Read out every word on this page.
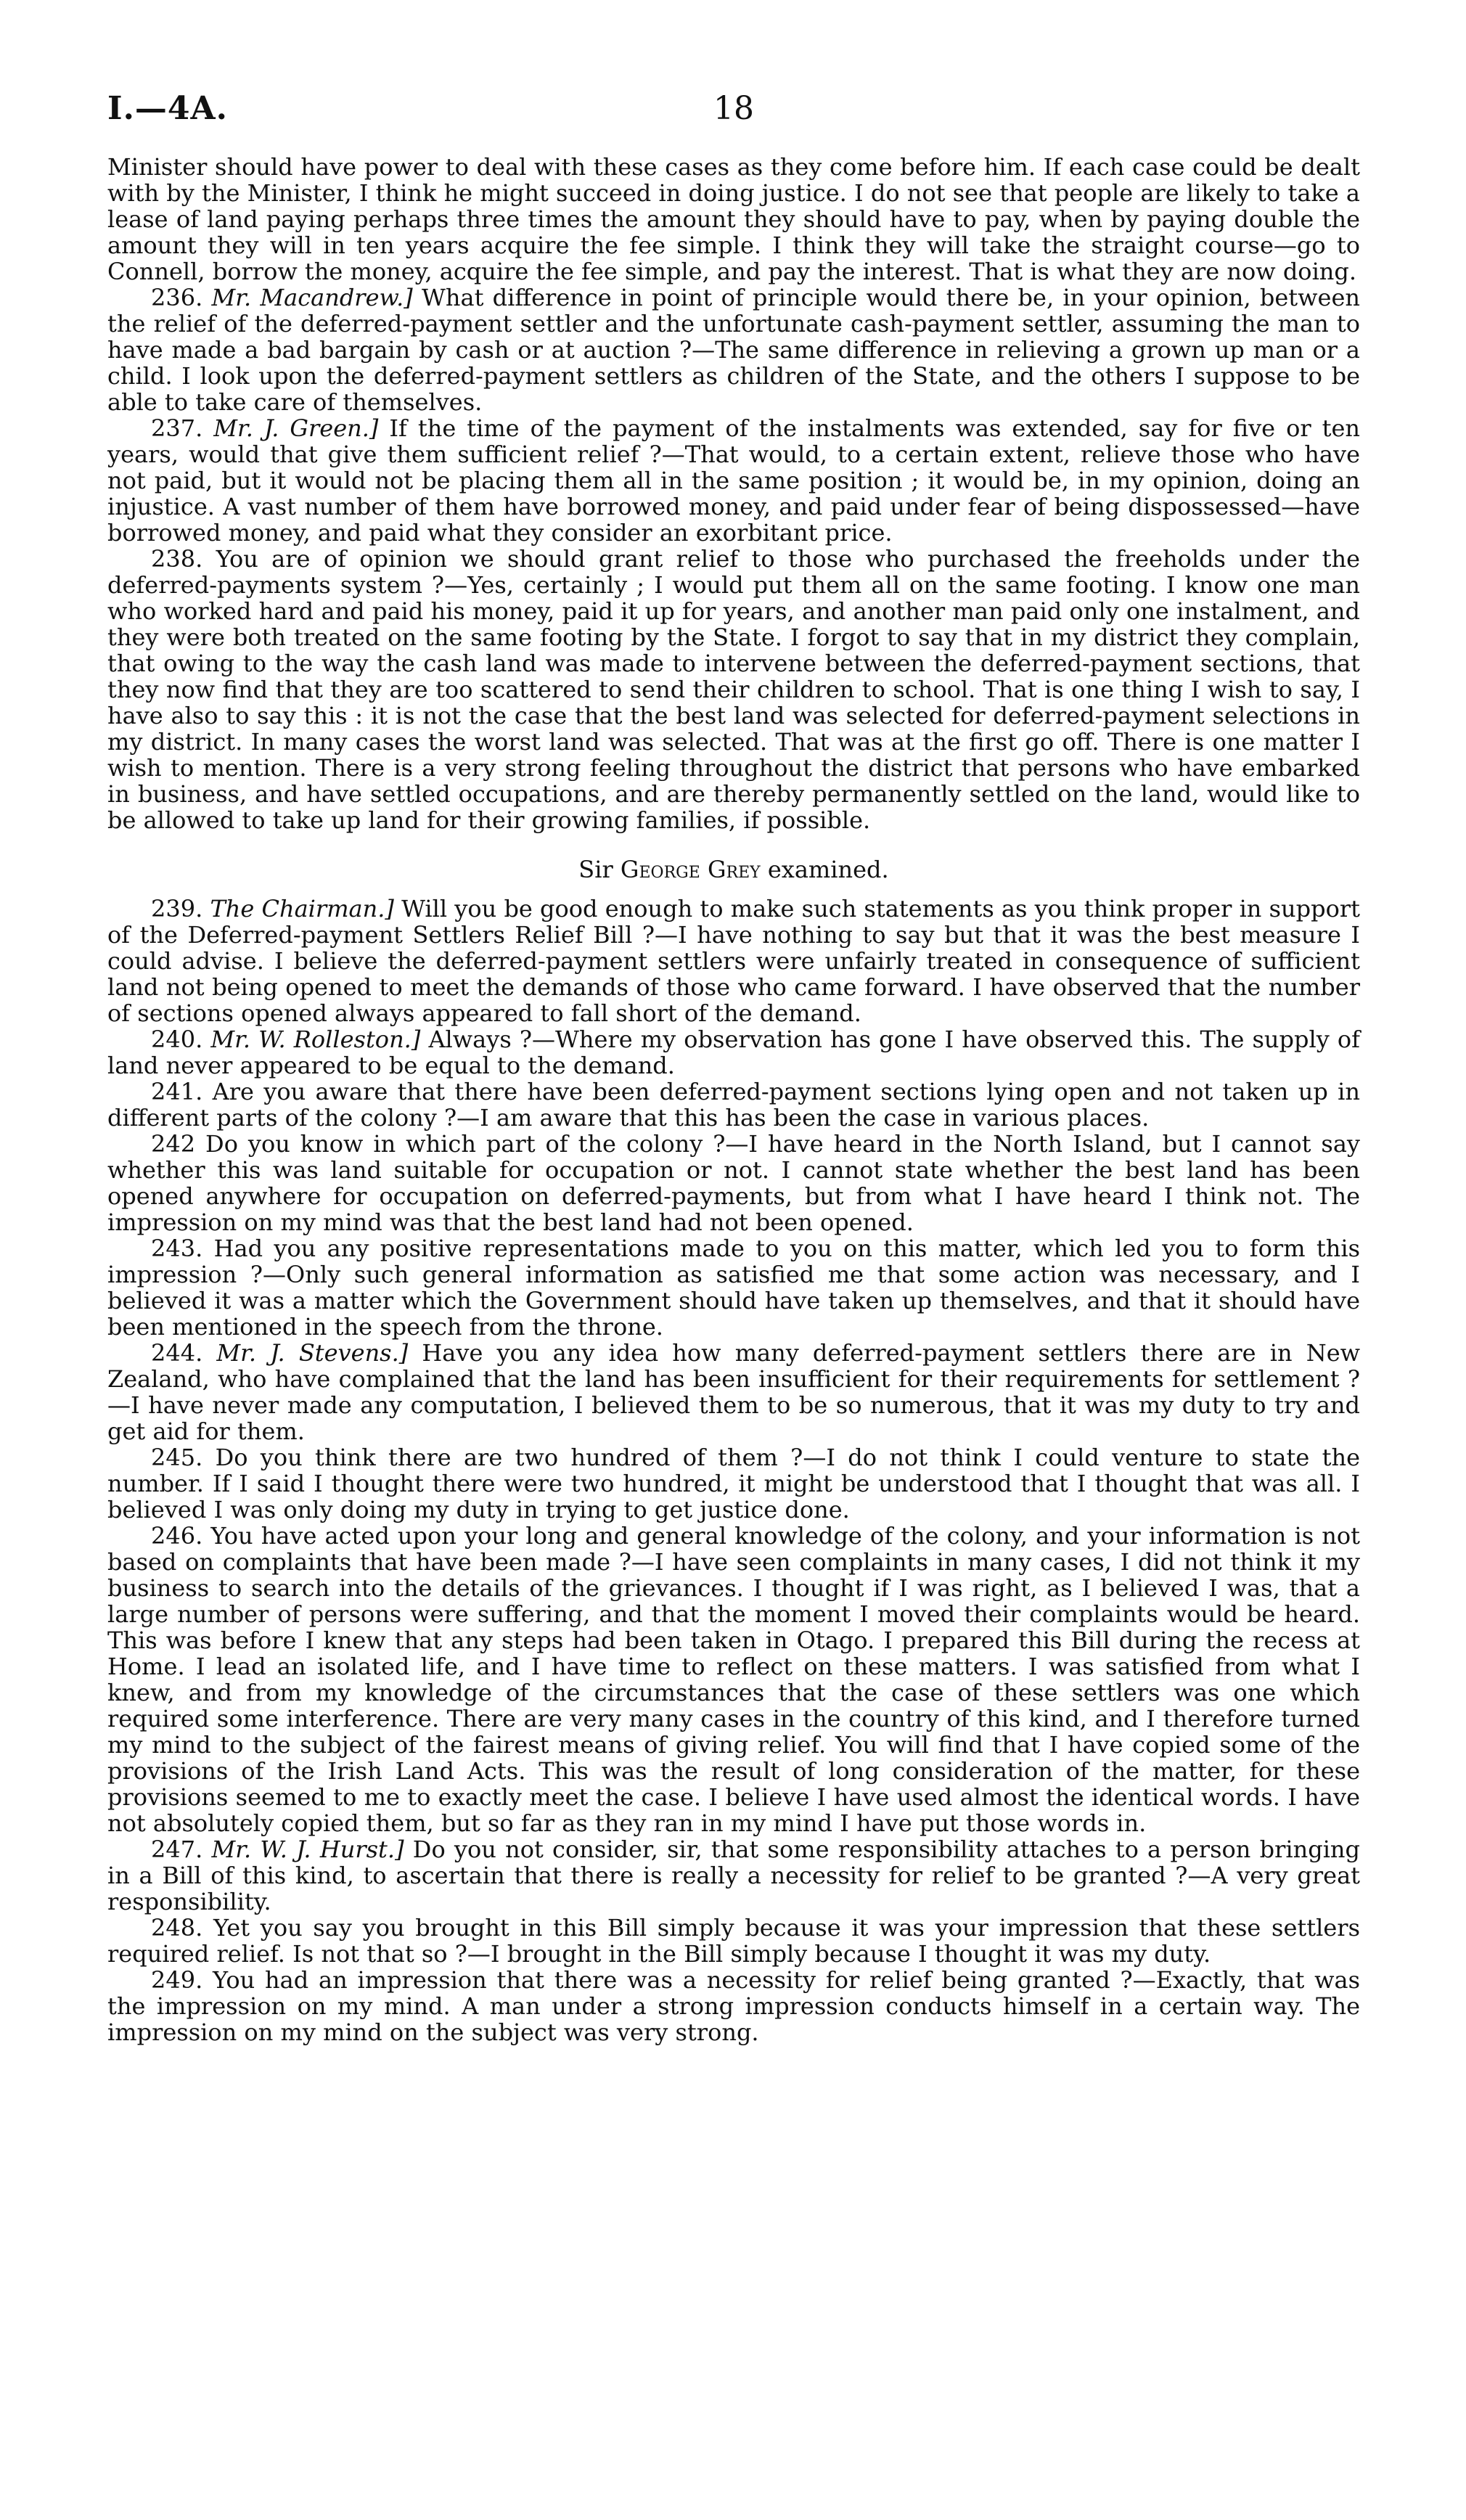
I.—4A.	18

Minister should have power to deal with these cases as they come before him. If each case could be dealt with by the Minister, I think he might succeed in doing justice. I do not see that people are likely to take a lease of land paying perhaps three times the amount they should have to pay, when by paying double the amount they will in ten years acquire the fee simple. I think they will take the straight course—go to Connell, borrow the money, acquire the fee simple, and pay the interest. That is what they are now doing.

236. Mr. Macandrew.] What difference in point of principle would there be, in your opinion, between the relief of the deferred-payment settler and the unfortunate cash-payment settler, assuming the man to have made a bad bargain by cash or at auction ?—The same difference in relieving a grown up man or a child. I look upon the deferred-payment settlers as children of the State, and the others I suppose to be able to take care of themselves.

237. Mr. J. Green.] If the time of the payment of the instalments was extended, say for five or ten years, would that give them sufficient relief ?—That would, to a certain extent, relieve those who have not paid, but it would not be placing them all in the same position ; it would be, in my opinion, doing an injustice. A vast number of them have borrowed money, and paid under fear of being dispossessed—have borrowed money, and paid what they consider an exorbitant price.

238. You are of opinion we should grant relief to those who purchased the freeholds under the deferred-payments system ?—Yes, certainly ; I would put them all on the same footing. I know one man who worked hard and paid his money, paid it up for years, and another man paid only one instalment, and they were both treated on the same footing by the State. I forgot to say that in my district they complain, that owing to the way the cash land was made to intervene between the deferred-payment sections, that they now find that they are too scattered to send their children to school. That is one thing I wish to say, I have also to say this : it is not the case that the best land was selected for deferred-payment selections in my district. In many cases the worst land was selected. That was at the first go off. There is one matter I wish to mention. There is a very strong feeling throughout the district that persons who have embarked in business, and have settled occupations, and are thereby permanently settled on the land, would like to be allowed to take up land for their growing families, if possible.

Sir George Grey examined.

239. The Chairman.] Will you be good enough to make such statements as you think proper in support of the Deferred-payment Settlers Relief Bill ?—I have nothing to say but that it was the best measure I could advise. I believe the deferred-payment settlers were unfairly treated in consequence of sufficient land not being opened to meet the demands of those who came forward. I have observed that the number of sections opened always appeared to fall short of the demand.

240. Mr. W. Rolleston.] Always ?—Where my observation has gone I have observed this. The supply of land never appeared to be equal to the demand.

241. Are you aware that there have been deferred-payment sections lying open and not taken up in different parts of the colony ?—I am aware that this has been the case in various places.

242 Do you know in which part of the colony ?—I have heard in the North Island, but I cannot say whether this was land suitable for occupation or not. I cannot state whether the best land has been opened anywhere for occupation on deferred-payments, but from what I have heard I think not. The impression on my mind was that the best land had not been opened.

243. Had you any positive representations made to you on this matter, which led you to form this impression ?—Only such general information as satisfied me that some action was necessary, and I believed it was a matter which the Government should have taken up themselves, and that it should have been mentioned in the speech from the throne.

244. Mr. J. Stevens.] Have you any idea how many deferred-payment settlers there are in New Zealand, who have complained that the land has been insufficient for their requirements for settlement ?—I have never made any computation, I believed them to be so numerous, that it was my duty to try and get aid for them.

245. Do you think there are two hundred of them ?—I do not think I could venture to state the number. If I said I thought there were two hundred, it might be understood that I thought that was all. I believed I was only doing my duty in trying to get justice done.

246. You have acted upon your long and general knowledge of the colony, and your information is not based on complaints that have been made ?—I have seen complaints in many cases, I did not think it my business to search into the details of the grievances. I thought if I was right, as I believed I was, that a large number of persons were suffering, and that the moment I moved their complaints would be heard. This was before I knew that any steps had been taken in Otago. I prepared this Bill during the recess at Home. I lead an isolated life, and I have time to reflect on these matters. I was satisfied from what I knew, and from my knowledge of the circumstances that the case of these settlers was one which required some interference. There are very many cases in the country of this kind, and I therefore turned my mind to the subject of the fairest means of giving relief. You will find that I have copied some of the provisions of the Irish Land Acts. This was the result of long consideration of the matter, for these provisions seemed to me to exactly meet the case. I believe I have used almost the identical words. I have not absolutely copied them, but so far as they ran in my mind I have put those words in.

247. Mr. W. J. Hurst.] Do you not consider, sir, that some responsibility attaches to a person bringing in a Bill of this kind, to ascertain that there is really a necessity for relief to be granted ?—A very great responsibility.

248. Yet you say you brought in this Bill simply because it was your impression that these settlers required relief. Is not that so ?—I brought in the Bill simply because I thought it was my duty.

249. You had an impression that there was a necessity for relief being granted ?—Exactly, that was the impression on my mind. A man under a strong impression conducts himself in a certain way. The impression on my mind on the subject was very strong.
